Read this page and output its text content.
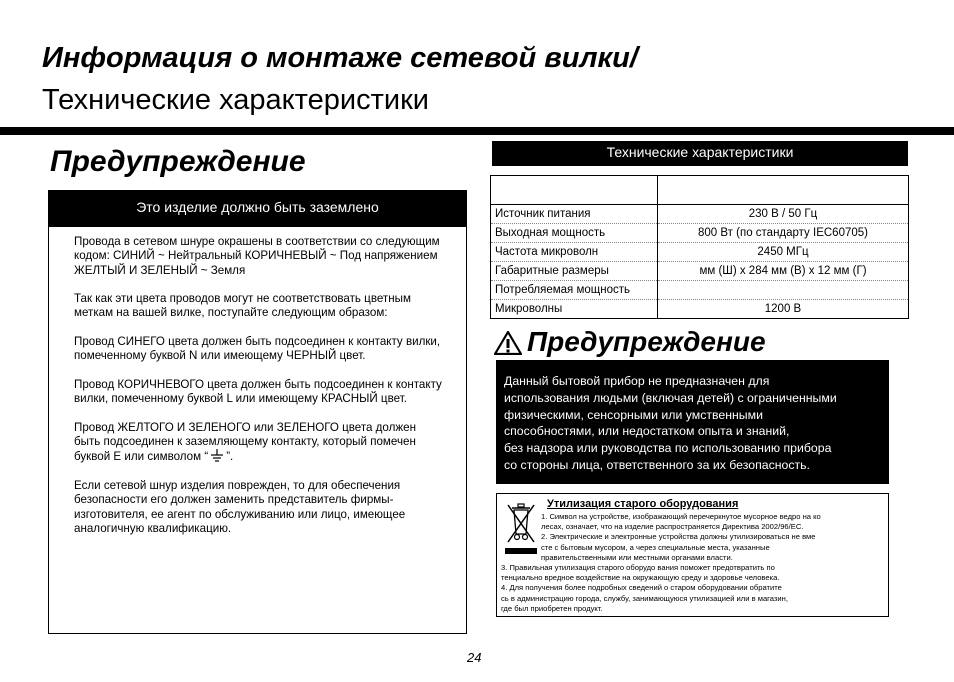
Информация о монтаже сетевой вилки/
Технические характеристики
Предупреждение
Это изделие должно быть заземлено

Провода в сетевом шнуре окрашены в соответствии со следующим кодом: СИНИЙ ~ Нейтральный КОРИЧНЕВЫЙ ~ Под напряжением ЖЕЛТЫЙ И ЗЕЛЕНЫЙ ~ Земля

Так как эти цвета проводов могут не соответствовать цветным меткам на вашей вилке, поступайте следующим образом:

Провод СИНЕГО цвета должен быть подсоединен к контакту вилки, помеченному буквой N или имеющему ЧЕРНЫЙ цвет.

Провод КОРИЧНЕВОГО цвета должен быть подсоединен к контакту вилки, помеченному буквой L или имеющему КРАСНЫЙ цвет.

Провод ЖЕЛТОГО И ЗЕЛЕНОГО или ЗЕЛЕНОГО цвета должен быть подсоединен к заземляющему контакту, который помечен буквой E или символом “ ”.

Если сетевой шнур изделия поврежден, то для обеспечения безопасности его должен заменить представитель фирмы-изготовителя, ее агент по обслуживанию или лицо, имеющее аналогичную квалификацию.

Технические характеристики

Источник питания	230 В / 50 Гц
Выходная мощность	800 Вт (по стандарту IEC60705)
Частота микроволн	2450 МГц
Габаритные размеры	мм (Ш) x 284 мм (В) x 12 мм (Г)
Потребляемая мощность	
Микроволны	1200 В
Предупреждение
Данный бытовой прибор не предназначен для
использования людьми (включая детей) с ограниченными
физическими, сенсорными или умственными
способностями, или недостатком опыта и знаний,
без надзора или руководства по использованию прибора
со стороны лица, ответственного за их безопасность.
Утилизация старого оборудования
1. Символ на устройстве, изображающий перечеркнутое мусорное ведро на ко
лесах, означает, что на изделие распространяется Директива 2002/96/EC.
2. Электрические и электронные устройства должны утилизироваться не вме
сте с бытовым мусором, а через специальные места, указанные
правительственными или местными органами власти.
3. Правильная утилизация старого оборудо вания поможет предотвратить по
тенциально вредное воздействие на окружающую среду и здоровье человека.
4. Для получения более подробных сведений о старом оборудовании обратите
сь в администрацию города, службу, занимающуюся утилизацией или в магазин,
где был приобретен продукт.
24
